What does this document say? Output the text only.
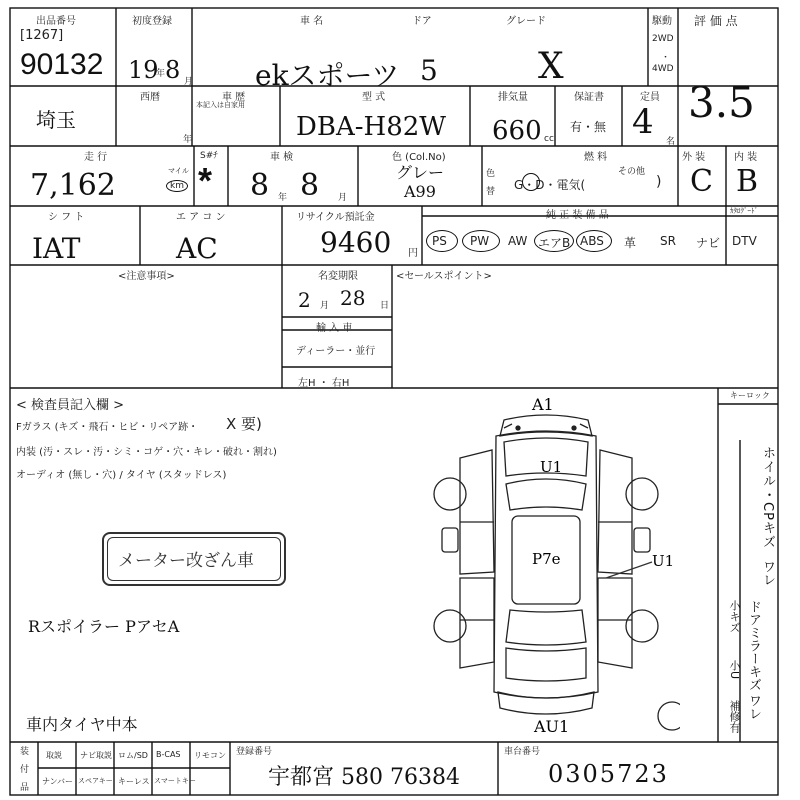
出品番号
[1267]
90132
初度登録
19
年 8 月
車 名
ekスポーツ
ドア
5
グレード
X
駆動
2WD
・
4WD
評 価 点
3.5
埼玉
西暦
年
車 歴
本記入は自家用
型 式
DBA-H82W
排気量
660 cc
保証書
有・無
定員
4 名
走 行
7,162	マイル
km
S#ﾁ
*
車 検
8 年 8 月
色 (Col.No)
グレー
A99
色
替
燃 料
G・D・電気(
その他
)
外 装
C
内 装
B
シ フ ト
IAT
エ ア コ ン
AC
リサイクル預託金
9460 円
純 正 装 備 品	ｶﾀﾛｸﾞｰﾄﾞ
PS PW AW エアB ABS 革 SR ナビ DTV
<注意事項>	名変期限
2 月 28 日
輸 入 車
ディーラー・並行
左H ・ 右H
<セールスポイント>
< 検査員記入欄 >
Fガラス (キズ・飛石・ヒビ・リペア跡・ X 要)
内装 (汚・スレ・汚・シミ・コゲ・穴・キレ・破れ・割れ)
オーディオ (無し・穴) / タイヤ (スタッドレス)
メーター改ざん車
Rスポイラー PアセA
車内タイヤ中本
キーロック
ホイル・CPキズ
ワレ
ドアミラーキズ
ワレ
小キズ
小U
補修有
A1
U1
P7e	U1
AU1
装
付
品
取説 ナビ取説 ロム/SD B-CAS リモコン
ナンバー スペアキー キーレス スマートキー
登録番号
宇都宮 580 76384
車台番号
0305723
